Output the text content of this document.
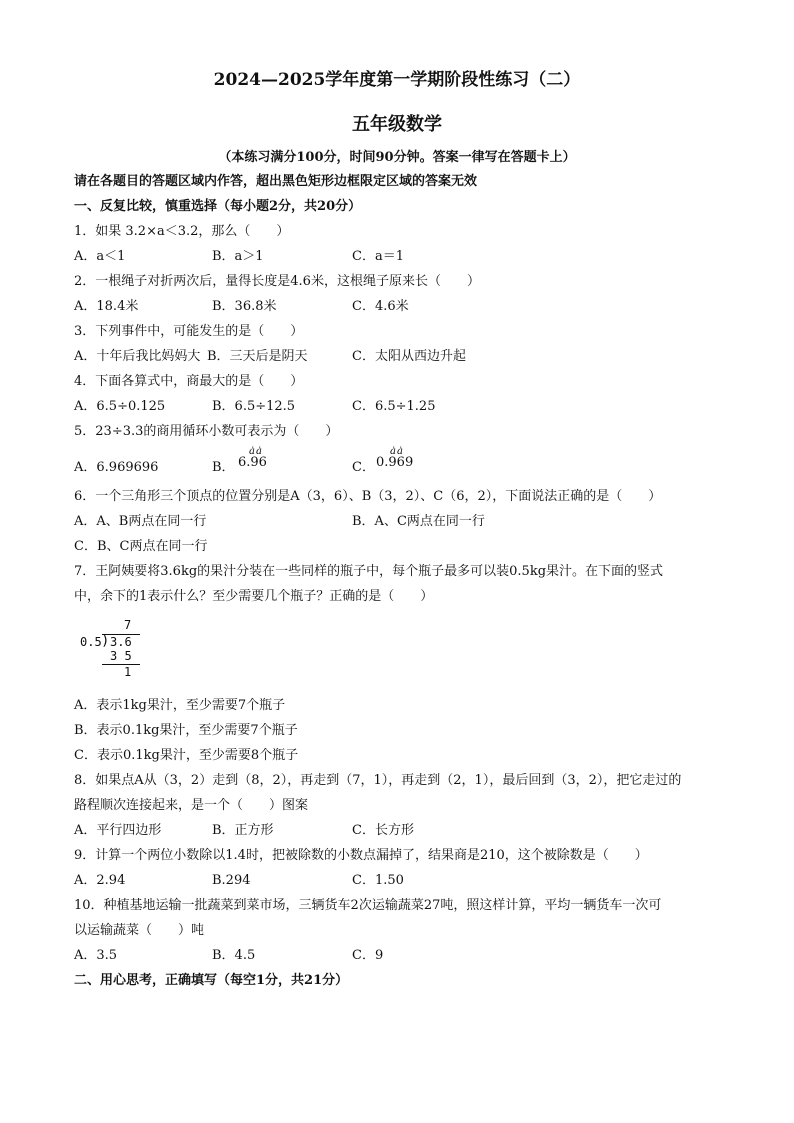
2024—2025学年度第一学期阶段性练习（二）
五年级数学
（本练习满分100分，时间90分钟。答案一律写在答题卡上）
请在各题目的答题区域内作答，超出黑色矩形边框限定区域的答案无效
一、反复比较，慎重选择（每小题2分，共20分）
1．如果 3.2×a＜3.2，那么（　　）
A．a＜1	B．a＞1	C．a＝1
2．一根绳子对折两次后，量得长度是4.6米，这根绳子原来长（　　）
A．18.4米	B．36.8米	C．4.6米
3．下列事件中，可能发生的是（　　）
A．十年后我比妈妈大 B．三天后是阴天	C．太阳从西边升起
4．下面各算式中，商最大的是（　　）
A．6.5÷0.125	B．6.5÷12.5	C．6.5÷1.25
5．23÷3.3的商用循环小数可表示为（　　）
A．6.969696	B． 6.96
ȧȧ
C． 0.969
ȧȧ
6．一个三角形三个顶点的位置分别是A（3，6）、B（3，2）、C（6，2），下面说法正确的是（　　）
A．A、B两点在同一行	B．A、C两点在同一行
C．B、C两点在同一行
7．王阿姨要将3.6kg的果汁分装在一些同样的瓶子中，每个瓶子最多可以装0.5kg果汁。在下面的竖式
中，余下的1表示什么？至少需要几个瓶子？正确的是（　　）
7
0.5 ) 3.6
3 5
1
A．表示1kg果汁，至少需要7个瓶子
B．表示0.1kg果汁，至少需要7个瓶子
C．表示0.1kg果汁，至少需要8个瓶子
8．如果点A从（3，2）走到（8，2），再走到（7，1），再走到（2，1），最后回到（3，2），把它走过的
路程顺次连接起来，是一个（　　）图案
A．平行四边形	B．正方形	C．长方形
9．计算一个两位小数除以1.4时，把被除数的小数点漏掉了，结果商是210，这个被除数是（　　）
A．2.94	B.294	C．1.50
10．种植基地运输一批蔬菜到菜市场，三辆货车2次运输蔬菜27吨，照这样计算，平均一辆货车一次可
以运输蔬菜（　　）吨
A．3.5	B．4.5	C．9
二、用心思考，正确填写（每空1分，共21分）
